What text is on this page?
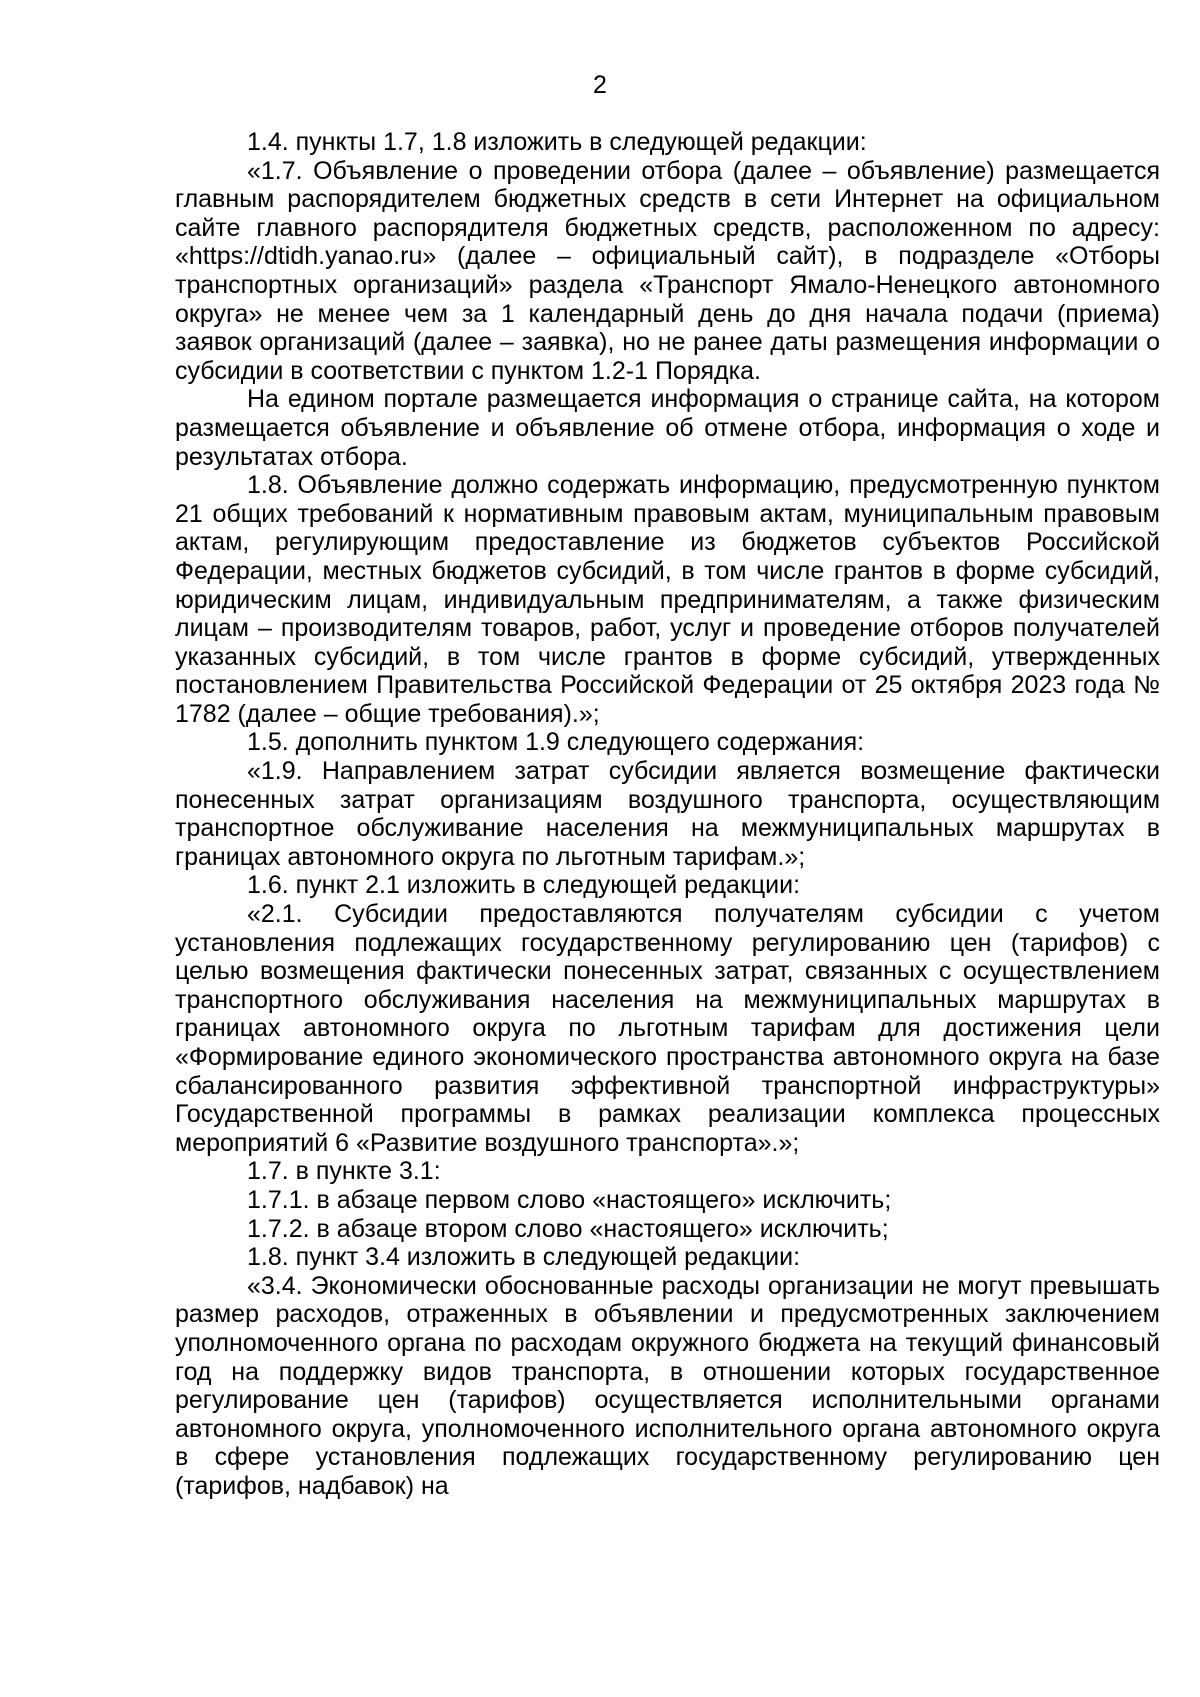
2

1.4. пункты 1.7, 1.8 изложить в следующей редакции:

«1.7. Объявление о проведении отбора (далее – объявление) размещается главным распорядителем бюджетных средств в сети Интернет на официальном сайте главного распорядителя бюджетных средств, расположенном по адресу: «https://dtidh.yanao.ru» (далее – официальный сайт), в подразделе «Отборы транспортных организаций» раздела «Транспорт Ямало-Ненецкого автономного округа» не менее чем за 1 календарный день до дня начала подачи (приема) заявок организаций (далее – заявка), но не ранее даты размещения информации о субсидии в соответствии с пунктом 1.2-1 Порядка.

На едином портале размещается информация о странице сайта, на котором размещается объявление и объявление об отмене отбора, информация о ходе и результатах отбора.

1.8. Объявление должно содержать информацию, предусмотренную пунктом 21 общих требований к нормативным правовым актам, муниципальным правовым актам, регулирующим предоставление из бюджетов субъектов Российской Федерации, местных бюджетов субсидий, в том числе грантов в форме субсидий, юридическим лицам, индивидуальным предпринимателям, а также физическим лицам – производителям товаров, работ, услуг и проведение отборов получателей указанных субсидий, в том числе грантов в форме субсидий, утвержденных постановлением Правительства Российской Федерации от 25 октября 2023 года № 1782 (далее – общие требования).»;

1.5. дополнить пунктом 1.9 следующего содержания:

«1.9. Направлением затрат субсидии является возмещение фактически понесенных затрат организациям воздушного транспорта, осуществляющим транспортное обслуживание населения на межмуниципальных маршрутах в границах автономного округа по льготным тарифам.»;

1.6. пункт 2.1 изложить в следующей редакции:

«2.1. Субсидии предоставляются получателям субсидии с учетом установления подлежащих государственному регулированию цен (тарифов) с целью возмещения фактически понесенных затрат, связанных с осуществлением транспортного обслуживания населения на межмуниципальных маршрутах в границах автономного округа по льготным тарифам для достижения цели «Формирование единого экономического пространства автономного округа на базе сбалансированного развития эффективной транспортной инфраструктуры» Государственной программы в рамках реализации комплекса процессных мероприятий 6 «Развитие воздушного транспорта».»;

1.7. в пункте 3.1:

1.7.1. в абзаце первом слово «настоящего» исключить;

1.7.2. в абзаце втором слово «настоящего» исключить;

1.8. пункт 3.4 изложить в следующей редакции:

«3.4. Экономически обоснованные расходы организации не могут превышать размер расходов, отраженных в объявлении и предусмотренных заключением уполномоченного органа по расходам окружного бюджета на текущий финансовый год на поддержку видов транспорта, в отношении которых государственное регулирование цен (тарифов) осуществляется исполнительными органами автономного округа, уполномоченного исполнительного органа автономного округа в сфере установления подлежащих государственному регулированию цен (тарифов, надбавок) на
